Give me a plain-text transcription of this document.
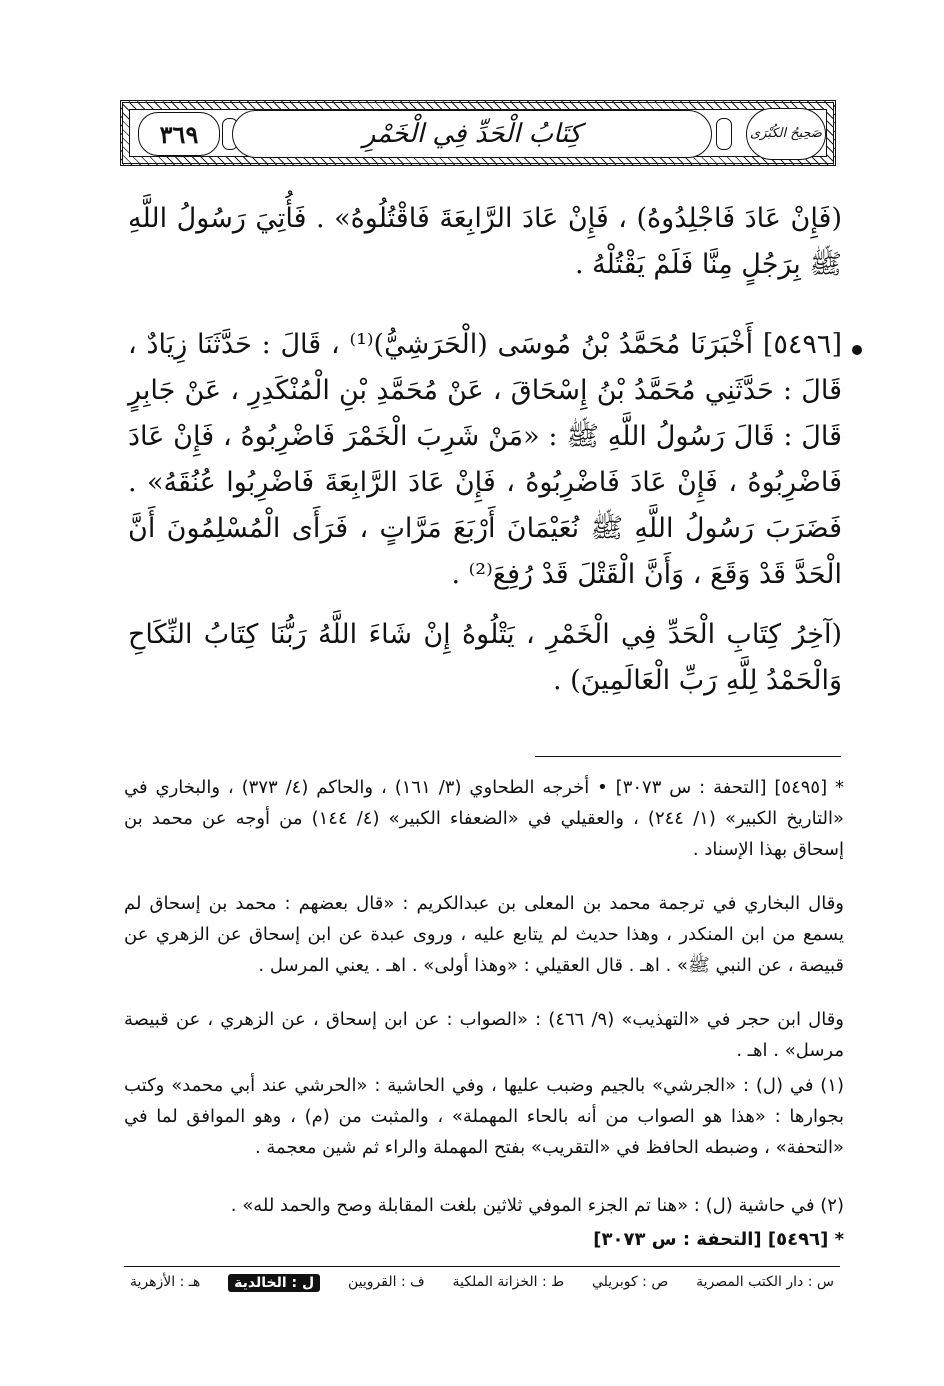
٣٦٩	كِتَابُ الْحَدِّ فِي الْخَمْرِ	صَحِيحُ الكُبْرَى
(فَإِنْ عَادَ فَاجْلِدُوهُ) ، فَإِنْ عَادَ الرَّابِعَةَ فَاقْتُلُوهُ» . فَأُتِيَ رَسُولُ اللَّهِ ﷺ بِرَجُلٍ مِنَّا فَلَمْ يَقْتُلْهُ .
[٥٤٩٦] أَخْبَرَنَا مُحَمَّدُ بْنُ مُوسَى (الْحَرَشِيُّ)⁽¹⁾ ، قَالَ : حَدَّثَنَا زِيَادٌ ، قَالَ : حَدَّثَنِي مُحَمَّدُ بْنُ إِسْحَاقَ ، عَنْ مُحَمَّدِ بْنِ الْمُنْكَدِرِ ، عَنْ جَابِرٍ قَالَ : قَالَ رَسُولُ اللَّهِ ﷺ : «مَنْ شَرِبَ الْخَمْرَ فَاضْرِبُوهُ ، فَإِنْ عَادَ فَاضْرِبُوهُ ، فَإِنْ عَادَ فَاضْرِبُوهُ ، فَإِنْ عَادَ الرَّابِعَةَ فَاضْرِبُوا عُنُقَهُ» . فَضَرَبَ رَسُولُ اللَّهِ ﷺ نُعَيْمَانَ أَرْبَعَ مَرَّاتٍ ، فَرَأَى الْمُسْلِمُونَ أَنَّ الْحَدَّ قَدْ وَقَعَ ، وَأَنَّ الْقَتْلَ قَدْ رُفِعَ⁽²⁾ .
(آخِرُ كِتَابِ الْحَدِّ فِي الْخَمْرِ ، يَتْلُوهُ إِنْ شَاءَ اللَّهُ رَبُّنَا كِتَابُ النِّكَاحِ وَالْحَمْدُ لِلَّهِ رَبِّ الْعَالَمِينَ) .
* [٥٤٩٥] [التحفة : س ٣٠٧٣] • أخرجه الطحاوي (٣/ ١٦١) ، والحاكم (٤/ ٣٧٣) ، والبخاري في «التاريخ الكبير» (١/ ٢٤٤) ، والعقيلي في «الضعفاء الكبير» (٤/ ١٤٤) من أوجه عن محمد بن إسحاق بهذا الإسناد .
وقال البخاري في ترجمة محمد بن المعلى بن عبدالكريم : «قال بعضهم : محمد بن إسحاق لم يسمع من ابن المنكدر ، وهذا حديث لم يتابع عليه ، وروى عبدة عن ابن إسحاق عن الزهري عن قبيصة ، عن النبي ﷺ» . اهـ . قال العقيلي : «وهذا أولى» . اهـ . يعني المرسل .
وقال ابن حجر في «التهذيب» (٩/ ٤٦٦) : «الصواب : عن ابن إسحاق ، عن الزهري ، عن قبيصة مرسل» . اهـ .
(١) في (ل) : «الجرشي» بالجيم وضبب عليها ، وفي الحاشية : «الحرشي عند أبي محمد» وكتب بجوارها : «هذا هو الصواب من أنه بالحاء المهملة» ، والمثبت من (م) ، وهو الموافق لما في «التحفة» ، وضبطه الحافظ في «التقريب» بفتح المهملة والراء ثم شين معجمة .
(٢) في حاشية (ل) : «هنا تم الجزء الموفي ثلاثين بلغت المقابلة وصح والحمد لله» .
* [٥٤٩٦] [التحفة : س ٣٠٧٣]
س : دار الكتب المصرية
ص : كوبريلي
ط : الخزانة الملكية
ف : القرويين
ل : الخالدية
هـ : الأزهرية
